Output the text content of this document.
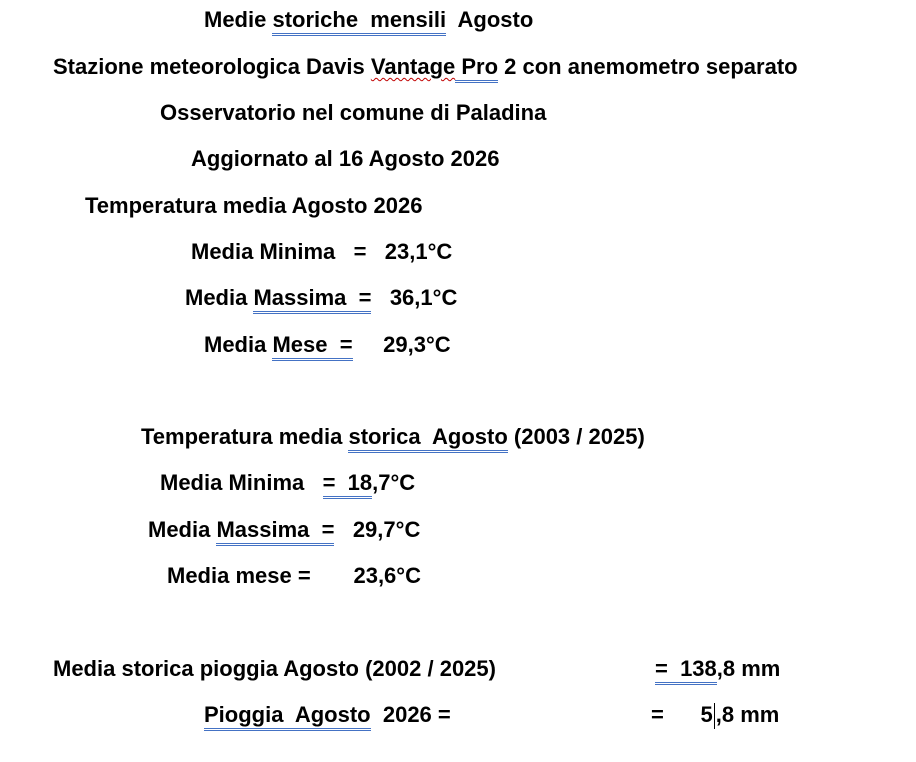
Medie storiche  mensili  Agosto
Stazione meteorologica Davis Vantage Pro 2 con anemometro separato
Osservatorio nel comune di Paladina
Aggiornato al 16 Agosto 2026
Temperatura media Agosto 2026
Media Minima   =   23,1°C
Media Massima  =   36,1°C
Media Mese  =     29,3°C
Temperatura media storica  Agosto (2003 / 2025)
Media Minima   =  18,7°C
Media Massima  =   29,7°C
Media mese =       23,6°C
Media storica pioggia Agosto (2002 / 2025)	=  138,8 mm
Pioggia  Agosto  2026 =	=      5 ,8 mm
